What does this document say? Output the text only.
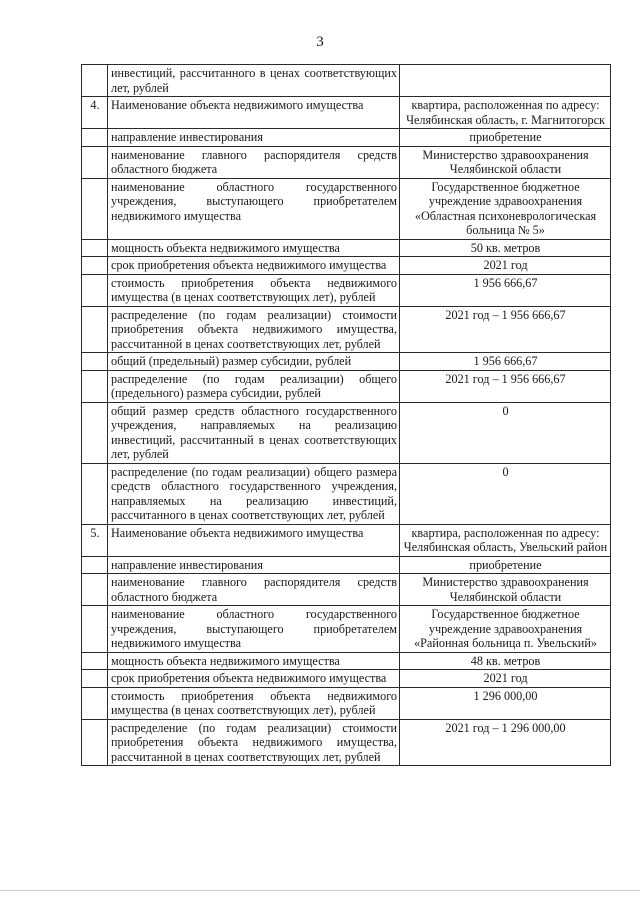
3
	инвестиций, рассчитанного в ценах соответствующих лет, рублей	
4.	Наименование объекта недвижимого имущества	квартира, расположенная по адресу: Челябинская область, г. Магнитогорск
	направление инвестирования	приобретение
	наименование главного распорядителя средств областного бюджета	Министерство здравоохранения Челябинской области
	наименование областного государственного учреждения, выступающего приобретателем недвижимого имущества	Государственное бюджетное учреждение здравоохранения «Областная психоневрологическая больница № 5»
	мощность объекта недвижимого имущества	50 кв. метров
	срок приобретения объекта недвижимого имущества	2021 год
	стоимость приобретения объекта недвижимого имущества (в ценах соответствующих лет), рублей	1 956 666,67
	распределение (по годам реализации) стоимости приобретения объекта недвижимого имущества, рассчитанной в ценах соответствующих лет, рублей	2021 год – 1 956 666,67
	общий (предельный) размер субсидии, рублей	1 956 666,67
	распределение (по годам реализации) общего (предельного) размера субсидии, рублей	2021 год – 1 956 666,67
	общий размер средств областного государственного учреждения, направляемых на реализацию инвестиций, рассчитанный в ценах соответствующих лет, рублей	0
	распределение (по годам реализации) общего размера средств областного государственного учреждения, направляемых на реализацию инвестиций, рассчитанного в ценах соответствующих лет, рублей	0
5.	Наименование объекта недвижимого имущества	квартира, расположенная по адресу: Челябинская область, Увельский район
	направление инвестирования	приобретение
	наименование главного распорядителя средств областного бюджета	Министерство здравоохранения Челябинской области
	наименование областного государственного учреждения, выступающего приобретателем недвижимого имущества	Государственное бюджетное учреждение здравоохранения «Районная больница п. Увельский»
	мощность объекта недвижимого имущества	48 кв. метров
	срок приобретения объекта недвижимого имущества	2021 год
	стоимость приобретения объекта недвижимого имущества (в ценах соответствующих лет), рублей	1 296 000,00
	распределение (по годам реализации) стоимости приобретения объекта недвижимого имущества, рассчитанной в ценах соответствующих лет, рублей	2021 год – 1 296 000,00
